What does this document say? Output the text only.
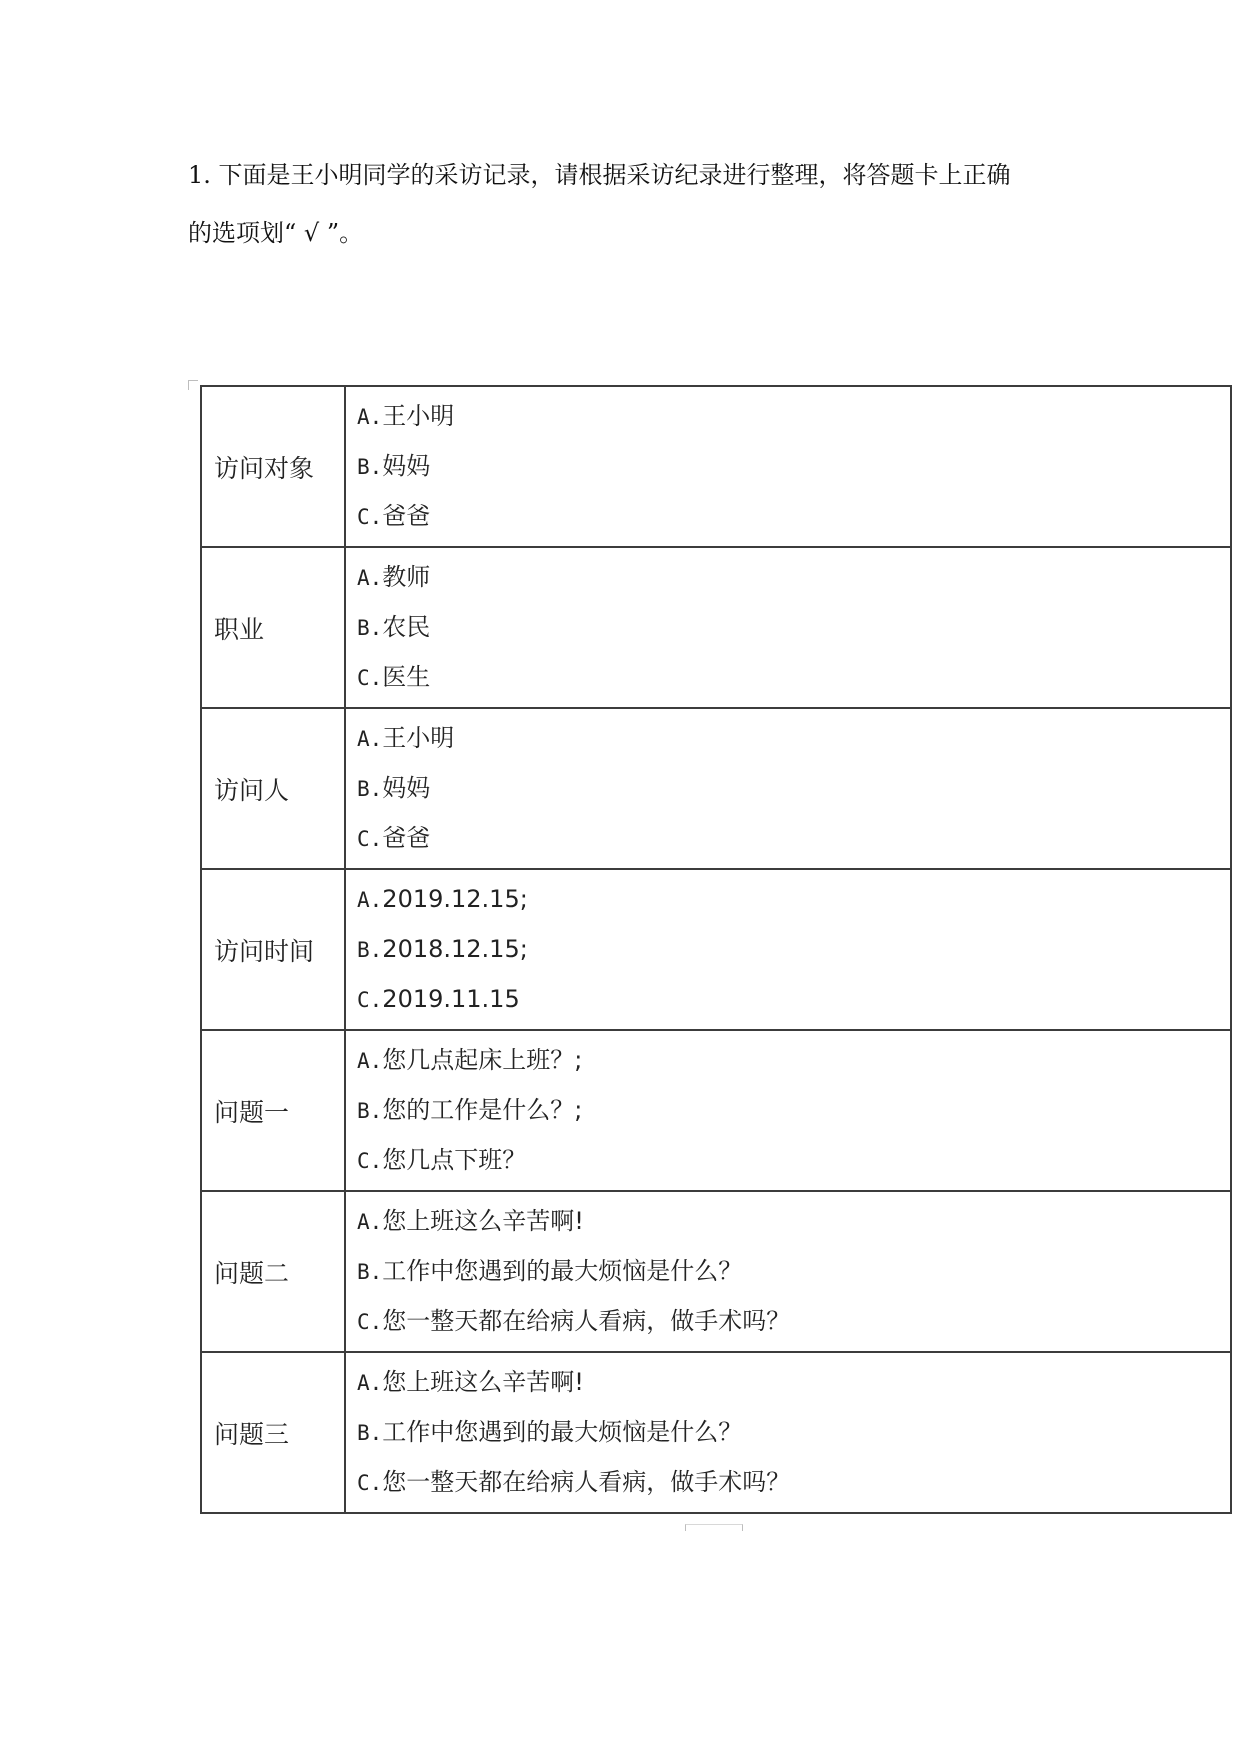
1. 下面是王小明同学的采访记录，请根据采访纪录进行整理，将答题卡上正确

的选项划“ √ ”。

访问对象	A.王小明
B.妈妈
C.爸爸

职业	A.教师
B.农民
C.医生

访问人	A.王小明
B.妈妈
C.爸爸

访问时间	A.2019.12.15;
B.2018.12.15;
C.2019.11.15

问题一	A.您几点起床上班？;
B.您的工作是什么？;
C.您几点下班？

问题二	A.您上班这么辛苦啊!
B.工作中您遇到的最大烦恼是什么？
C.您一整天都在给病人看病，做手术吗？

问题三	A.您上班这么辛苦啊!
B.工作中您遇到的最大烦恼是什么？
C.您一整天都在给病人看病，做手术吗？
